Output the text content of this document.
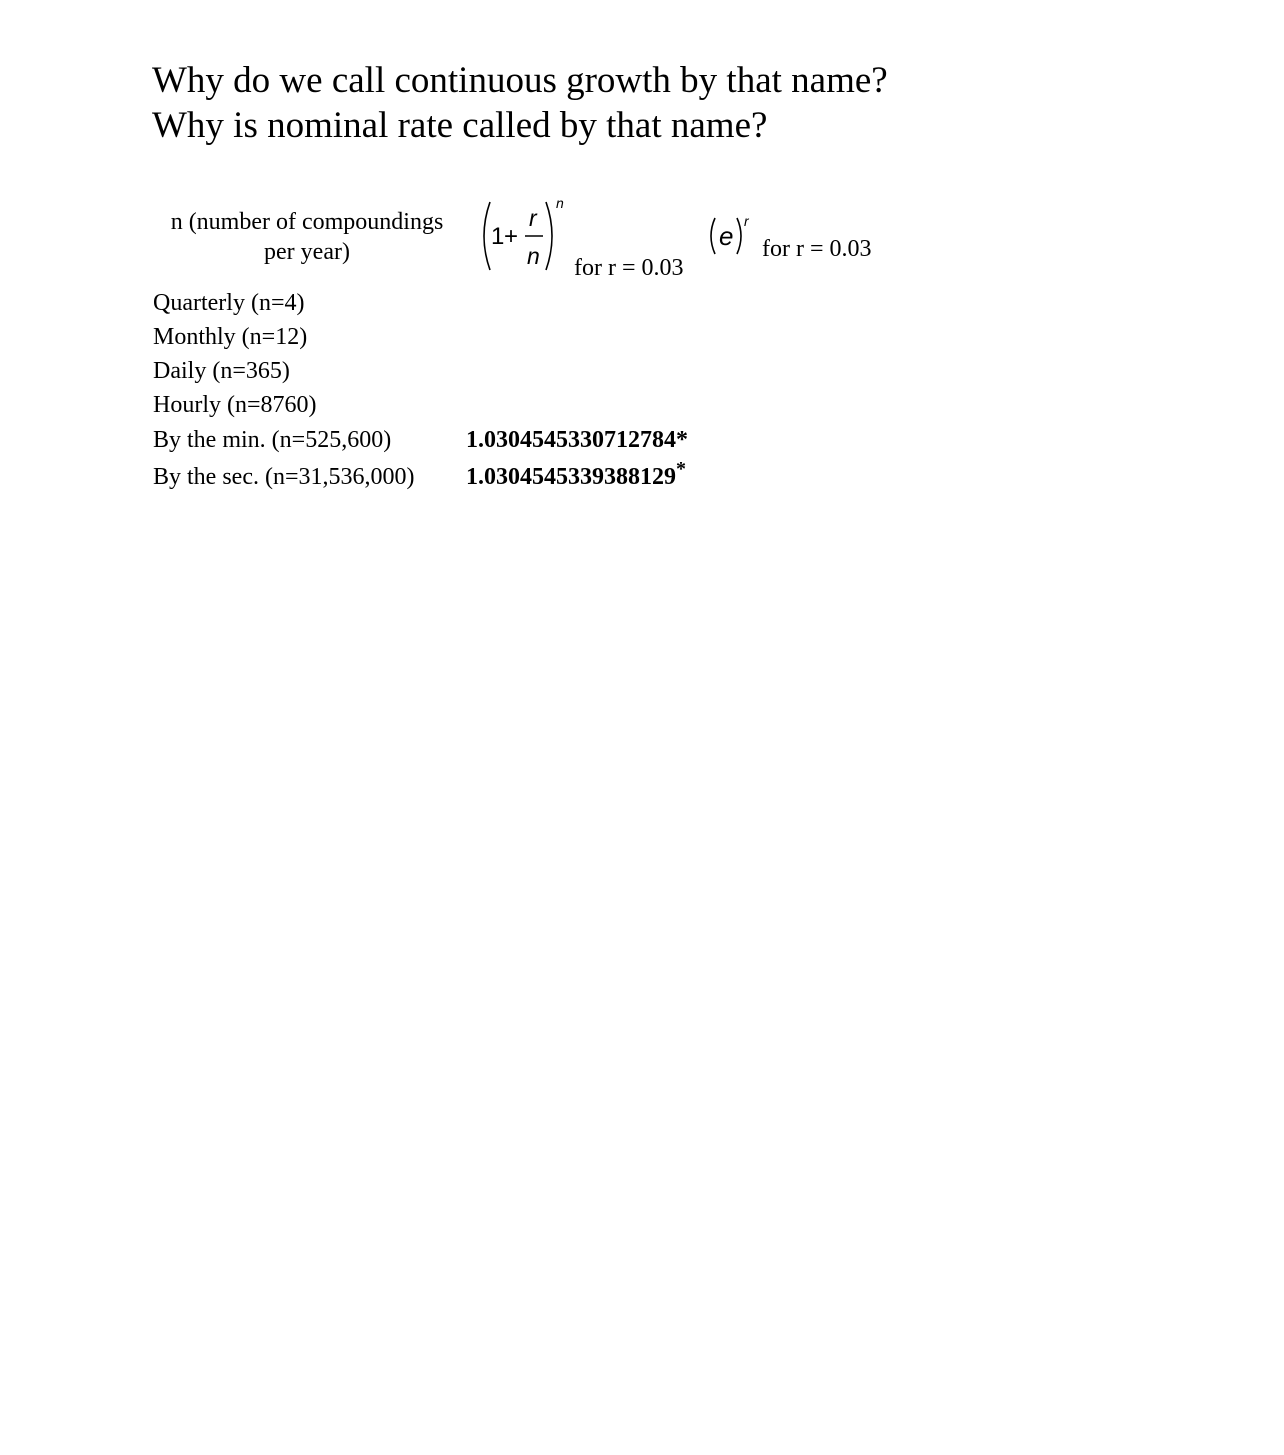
Why do we call continuous growth by that name?
Why is nominal rate called by that name?
n (number of compoundings
per year)
1 +
r
n
n
for r = 0.03
e r
for r = 0.03
Quarterly (n=4)
Monthly (n=12)
Daily (n=365)
Hourly (n=8760)
By the min. (n=525,600)	1.0304545330712784*
By the sec. (n=31,536,000) 1.0304545339388129*
